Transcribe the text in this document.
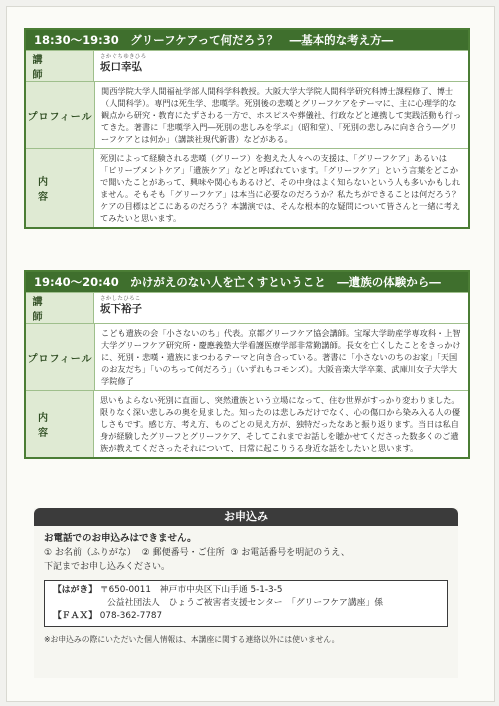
18:30〜19:30　グリーフケアって何だろう？　―基本的な考え方―
講　　師
さかぐちゆきひろ
坂口幸弘
プロフィール
関西学院大学人間福祉学部人間科学科教授。大阪大学大学院人間科学研究科博士課程修了、博士（人間科学）。専門は死生学、悲嘆学。死別後の悲嘆とグリーフケアをテーマに、主に心理学的な観点から研究・教育にたずさわる一方で、ホスピスや葬儀社、行政などと連携して実践活動も行ってきた。著書に「悲嘆学入門―死別の悲しみを学ぶ」（昭和堂）、「死別の悲しみに向き合う―グリーフケアとは何か」（講談社現代新書）などがある。
内　容
死別によって経験される悲嘆（グリーフ）を抱えた人々への支援は、「グリーフケア」あるいは「ビリーブメントケア」「遺族ケア」などと呼ばれています。「グリーフケア」という言葉をどこかで聞いたことがあって、興味や関心もあるけど、その中身はよく知らないという人も多いかもしれません。そもそも「グリーフケア」は本当に必要なのだろうか？私たちができることは何だろう？ケアの目標はどこにあるのだろう？本講演では、そんな根本的な疑問について皆さんと一緒に考えてみたいと思います。
19:40〜20:40　かけがえのない人を亡くすということ　―遺族の体験から―
講　　師
さかしたひろこ
坂下裕子
プロフィール
こども遺族の会「小さないのち」代表。京都グリーフケア協会講師。宝塚大学助産学専攻科・上智大学グリーフケア研究所・慶應義塾大学看護医療学部非常勤講師。長女を亡くしたことをきっかけに、死別・悲嘆・遺族にまつわるテーマと向き合っている。著書に「小さないのちのお家」「天国のお友だち」「いのちって何だろう」（いずれもコモンズ）。大阪音楽大学卒業、武庫川女子大学大学院修了
内　容
思いもよらない死別に直面し、突然遺族という立場になって、住む世界がすっかり変わりました。限りなく深い悲しみの奥を見ました。知ったのは悲しみだけでなく、心の傷口から染み入る人の優しさもです。感じ方、考え方、ものごとの見え方が、独特だったなあと振り返ります。当日は私自身が経験したグリーフとグリーフケア、そしてこれまでお話しを聴かせてくださった数多くのご遺族が教えてくださったそれについて、日常に起こりうる身近な話をしたいと思います。
お申込み
お電話でのお申込みはできません。
① お名前（ふりがな） ② 郵便番号・ご住所 ③ お電話番号を明記のうえ、
下記までお申し込みください。
【はがき】 〒650-0011　神戸市中央区下山手通 5-1-3-5
公益社団法人　ひょうご被害者支援センター　「グリーフケア講座」係
【ＦＡＸ】 078-362-7787
※お申込みの際にいただいた個人情報は、本講座に関する連絡以外には使いません。
